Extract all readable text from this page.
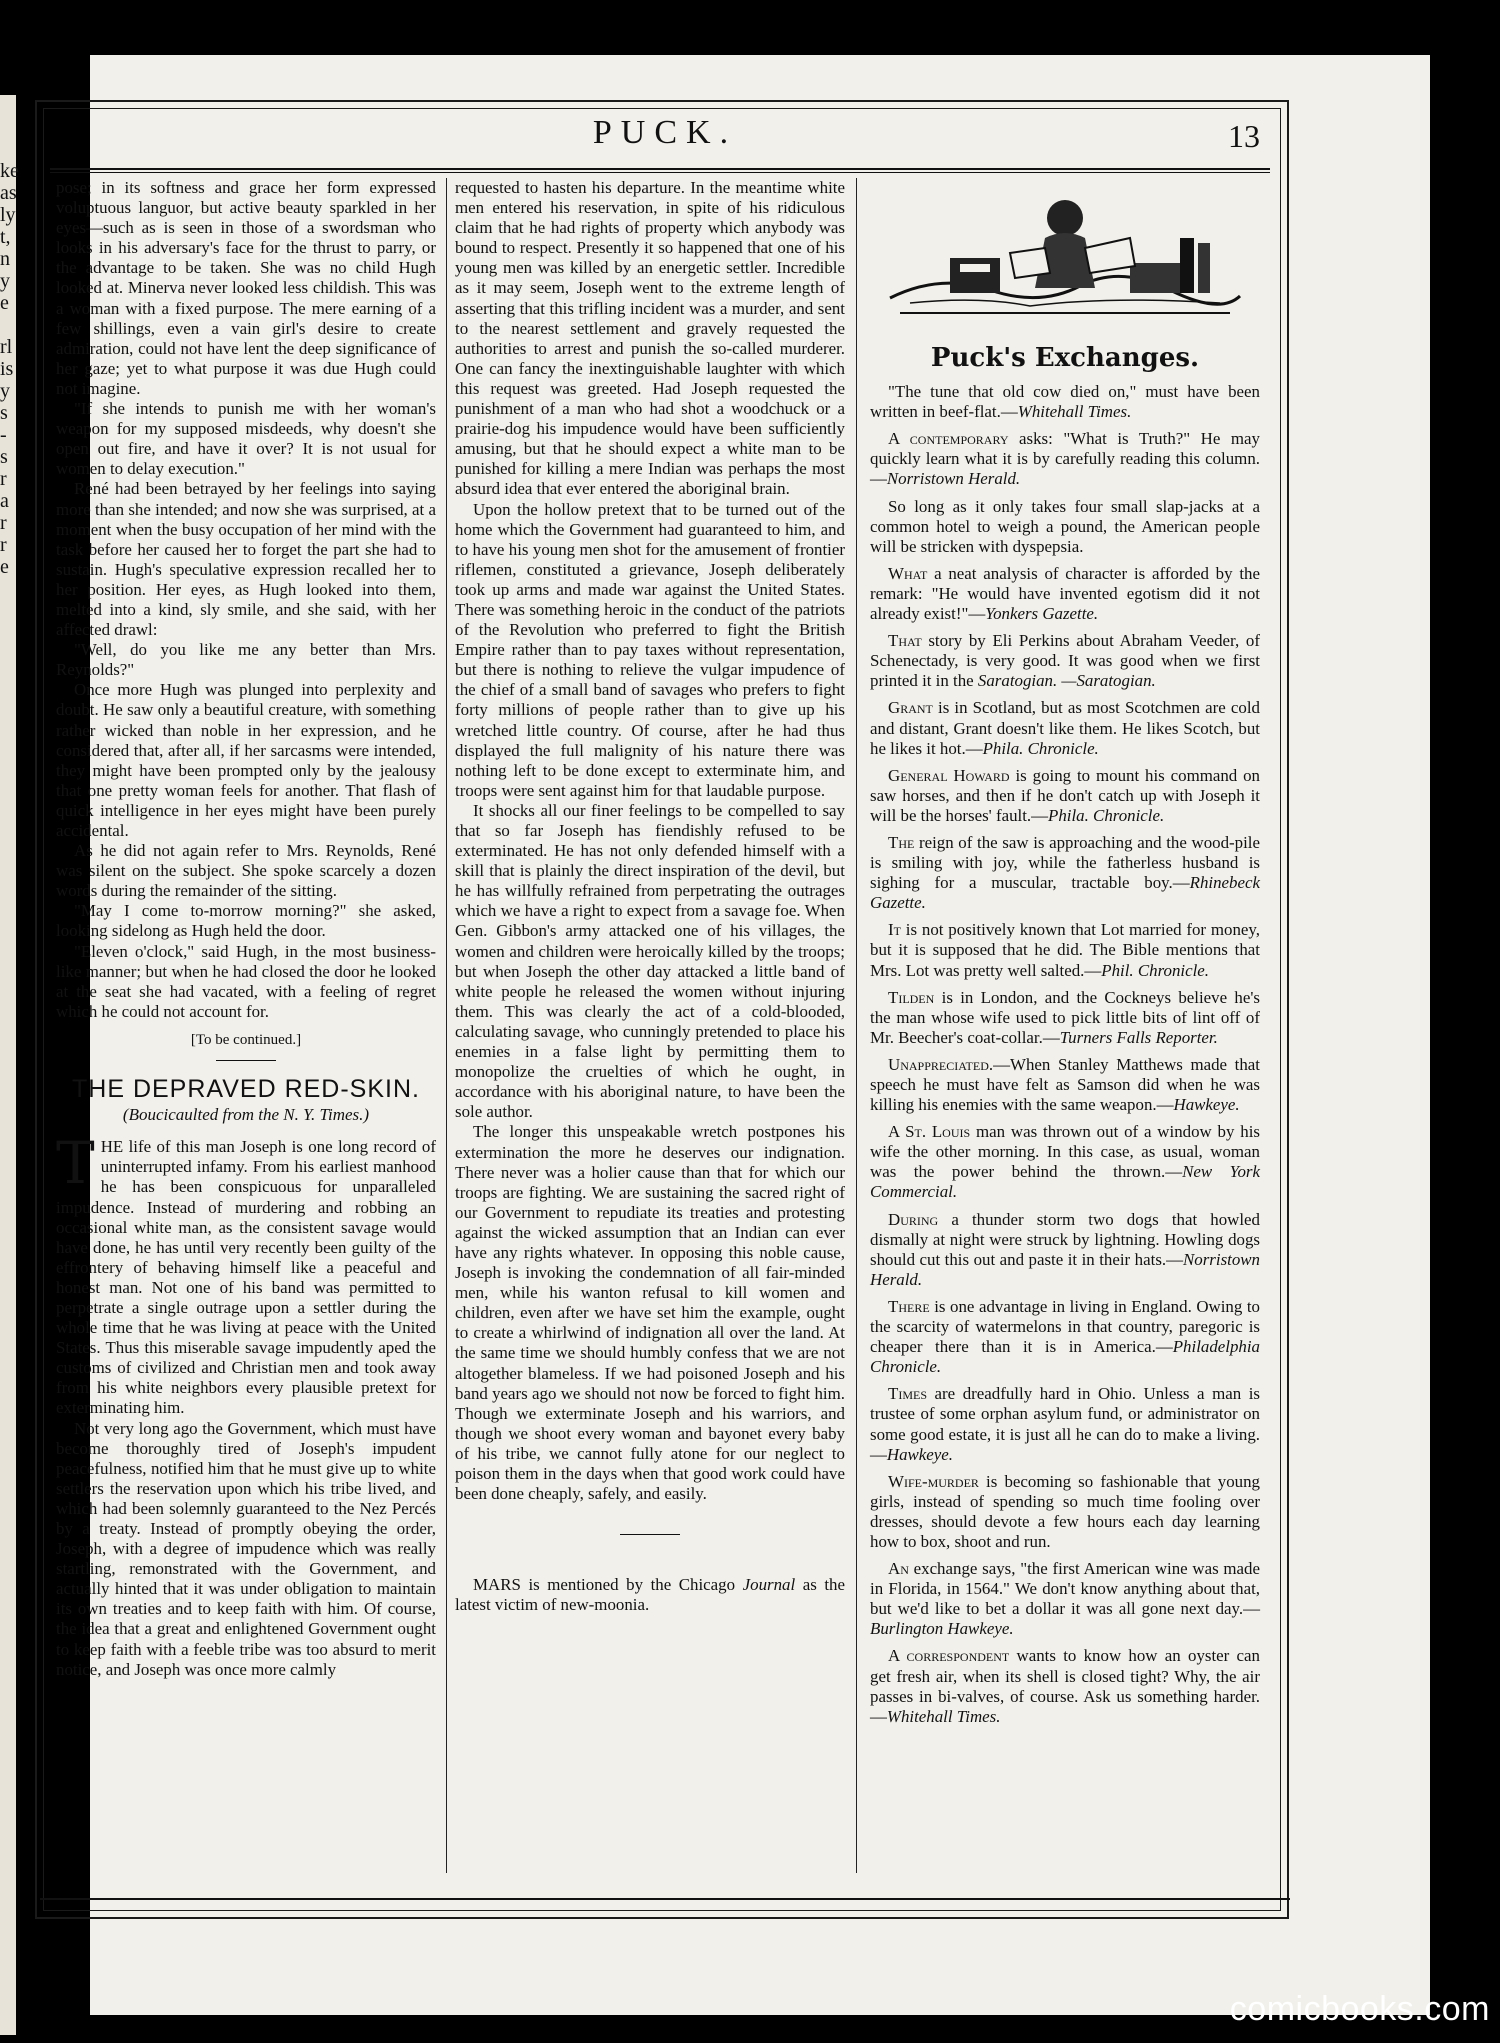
ke
as
ly
t,
n
y
e
rl
is
y
s
-
s
r
a
r
r
e
PUCK.	13

pose; in its softness and grace her form expressed voluptuous languor, but active beauty sparkled in her eyes—such as is seen in those of a swordsman who looks in his adversary's face for the thrust to parry, or the advantage to be taken. She was no child Hugh looked at. Minerva never looked less childish. This was a woman with a fixed purpose. The mere earning of a few shillings, even a vain girl's desire to create admiration, could not have lent the deep significance of her gaze; yet to what purpose it was due Hugh could not imagine.

"If she intends to punish me with her woman's weapon for my supposed misdeeds, why doesn't she open out fire, and have it over? It is not usual for women to delay execution."

René had been betrayed by her feelings into saying more than she intended; and now she was surprised, at a moment when the busy occupation of her mind with the task before her caused her to forget the part she had to sustain. Hugh's speculative expression recalled her to her position. Her eyes, as Hugh looked into them, melted into a kind, sly smile, and she said, with her affected drawl:

"Well, do you like me any better than Mrs. Reynolds?"

Once more Hugh was plunged into perplexity and doubt. He saw only a beautiful creature, with something rather wicked than noble in her expression, and he considered that, after all, if her sarcasms were intended, they might have been prompted only by the jealousy that one pretty woman feels for another. That flash of quick intelligence in her eyes might have been purely accidental.

As he did not again refer to Mrs. Reynolds, René was silent on the subject. She spoke scarcely a dozen words during the remainder of the sitting.

"May I come to-morrow morning?" she asked, looking sidelong as Hugh held the door.

"Eleven o'clock," said Hugh, in the most business-like manner; but when he had closed the door he looked at the seat she had vacated, with a feeling of regret which he could not account for.

[To be continued.]

THE DEPRAVED RED-SKIN.
(Boucicaulted from the N. Y. Times.)

THE life of this man Joseph is one long record of uninterrupted infamy. From his earliest manhood he has been conspicuous for unparalleled impudence. Instead of murdering and robbing an occasional white man, as the consistent savage would have done, he has until very recently been guilty of the effrontery of behaving himself like a peaceful and honest man. Not one of his band was permitted to perpetrate a single outrage upon a settler during the whole time that he was living at peace with the United States. Thus this miserable savage impudently aped the customs of civilized and Christian men and took away from his white neighbors every plausible pretext for exterminating him.

Not very long ago the Government, which must have become thoroughly tired of Joseph's impudent peacefulness, notified him that he must give up to white settlers the reservation upon which his tribe lived, and which had been solemnly guaranteed to the Nez Percés by a treaty. Instead of promptly obeying the order, Joseph, with a degree of impudence which was really startling, remonstrated with the Government, and actually hinted that it was under obligation to maintain its own treaties and to keep faith with him. Of course, the idea that a great and enlightened Government ought to keep faith with a feeble tribe was too absurd to merit notice, and Joseph was once more calmly

requested to hasten his departure. In the meantime white men entered his reservation, in spite of his ridiculous claim that he had rights of property which anybody was bound to respect. Presently it so happened that one of his young men was killed by an energetic settler. Incredible as it may seem, Joseph went to the extreme length of asserting that this trifling incident was a murder, and sent to the nearest settlement and gravely requested the authorities to arrest and punish the so-called murderer. One can fancy the inextinguishable laughter with which this request was greeted. Had Joseph requested the punishment of a man who had shot a woodchuck or a prairie-dog his impudence would have been sufficiently amusing, but that he should expect a white man to be punished for killing a mere Indian was perhaps the most absurd idea that ever entered the aboriginal brain.

Upon the hollow pretext that to be turned out of the home which the Government had guaranteed to him, and to have his young men shot for the amusement of frontier riflemen, constituted a grievance, Joseph deliberately took up arms and made war against the United States. There was something heroic in the conduct of the patriots of the Revolution who preferred to fight the British Empire rather than to pay taxes without representation, but there is nothing to relieve the vulgar impudence of the chief of a small band of savages who prefers to fight forty millions of people rather than to give up his wretched little country. Of course, after he had thus displayed the full malignity of his nature there was nothing left to be done except to exterminate him, and troops were sent against him for that laudable purpose.

It shocks all our finer feelings to be compelled to say that so far Joseph has fiendishly refused to be exterminated. He has not only defended himself with a skill that is plainly the direct inspiration of the devil, but he has willfully refrained from perpetrating the outrages which we have a right to expect from a savage foe. When Gen. Gibbon's army attacked one of his villages, the women and children were heroically killed by the troops; but when Joseph the other day attacked a little band of white people he released the women without injuring them. This was clearly the act of a cold-blooded, calculating savage, who cunningly pretended to place his enemies in a false light by permitting them to monopolize the cruelties of which he ought, in accordance with his aboriginal nature, to have been the sole author.

The longer this unspeakable wretch postpones his extermination the more he deserves our indignation. There never was a holier cause than that for which our troops are fighting. We are sustaining the sacred right of our Government to repudiate its treaties and protesting against the wicked assumption that an Indian can ever have any rights whatever. In opposing this noble cause, Joseph is invoking the condemnation of all fair-minded men, while his wanton refusal to kill women and children, even after we have set him the example, ought to create a whirlwind of indignation all over the land. At the same time we should humbly confess that we are not altogether blameless. If we had poisoned Joseph and his band years ago we should not now be forced to fight him. Though we exterminate Joseph and his warriors, and though we shoot every woman and bayonet every baby of his tribe, we cannot fully atone for our neglect to poison them in the days when that good work could have been done cheaply, safely, and easily.

MARS is mentioned by the Chicago Journal as the latest victim of new-moonia.

Puck's Exchanges.

"The tune that old cow died on," must have been written in beef-flat.—Whitehall Times.

A contemporary asks: "What is Truth?" He may quickly learn what it is by carefully reading this column.—Norristown Herald.

So long as it only takes four small slap-jacks at a common hotel to weigh a pound, the American people will be stricken with dyspepsia.

What a neat analysis of character is afforded by the remark: "He would have invented egotism did it not already exist!"—Yonkers Gazette.

That story by Eli Perkins about Abraham Veeder, of Schenectady, is very good. It was good when we first printed it in the Saratogian. —Saratogian.

Grant is in Scotland, but as most Scotchmen are cold and distant, Grant doesn't like them. He likes Scotch, but he likes it hot.—Phila. Chronicle.

General Howard is going to mount his command on saw horses, and then if he don't catch up with Joseph it will be the horses' fault.—Phila. Chronicle.

The reign of the saw is approaching and the wood-pile is smiling with joy, while the fatherless husband is sighing for a muscular, tractable boy.—Rhinebeck Gazette.

It is not positively known that Lot married for money, but it is supposed that he did. The Bible mentions that Mrs. Lot was pretty well salted.—Phil. Chronicle.

Tilden is in London, and the Cockneys believe he's the man whose wife used to pick little bits of lint off of Mr. Beecher's coat-collar.—Turners Falls Reporter.

Unappreciated.—When Stanley Matthews made that speech he must have felt as Samson did when he was killing his enemies with the same weapon.—Hawkeye.

A St. Louis man was thrown out of a window by his wife the other morning. In this case, as usual, woman was the power behind the thrown.—New York Commercial.

During a thunder storm two dogs that howled dismally at night were struck by lightning. Howling dogs should cut this out and paste it in their hats.—Norristown Herald.

There is one advantage in living in England. Owing to the scarcity of watermelons in that country, paregoric is cheaper there than it is in America.—Philadelphia Chronicle.

Times are dreadfully hard in Ohio. Unless a man is trustee of some orphan asylum fund, or administrator on some good estate, it is just all he can do to make a living.—Hawkeye.

Wife-murder is becoming so fashionable that young girls, instead of spending so much time fooling over dresses, should devote a few hours each day learning how to box, shoot and run.

An exchange says, "the first American wine was made in Florida, in 1564." We don't know anything about that, but we'd like to bet a dollar it was all gone next day.—Burlington Hawkeye.

A correspondent wants to know how an oyster can get fresh air, when its shell is closed tight? Why, the air passes in bi-valves, of course. Ask us something harder.—Whitehall Times.

comicbooks.com
